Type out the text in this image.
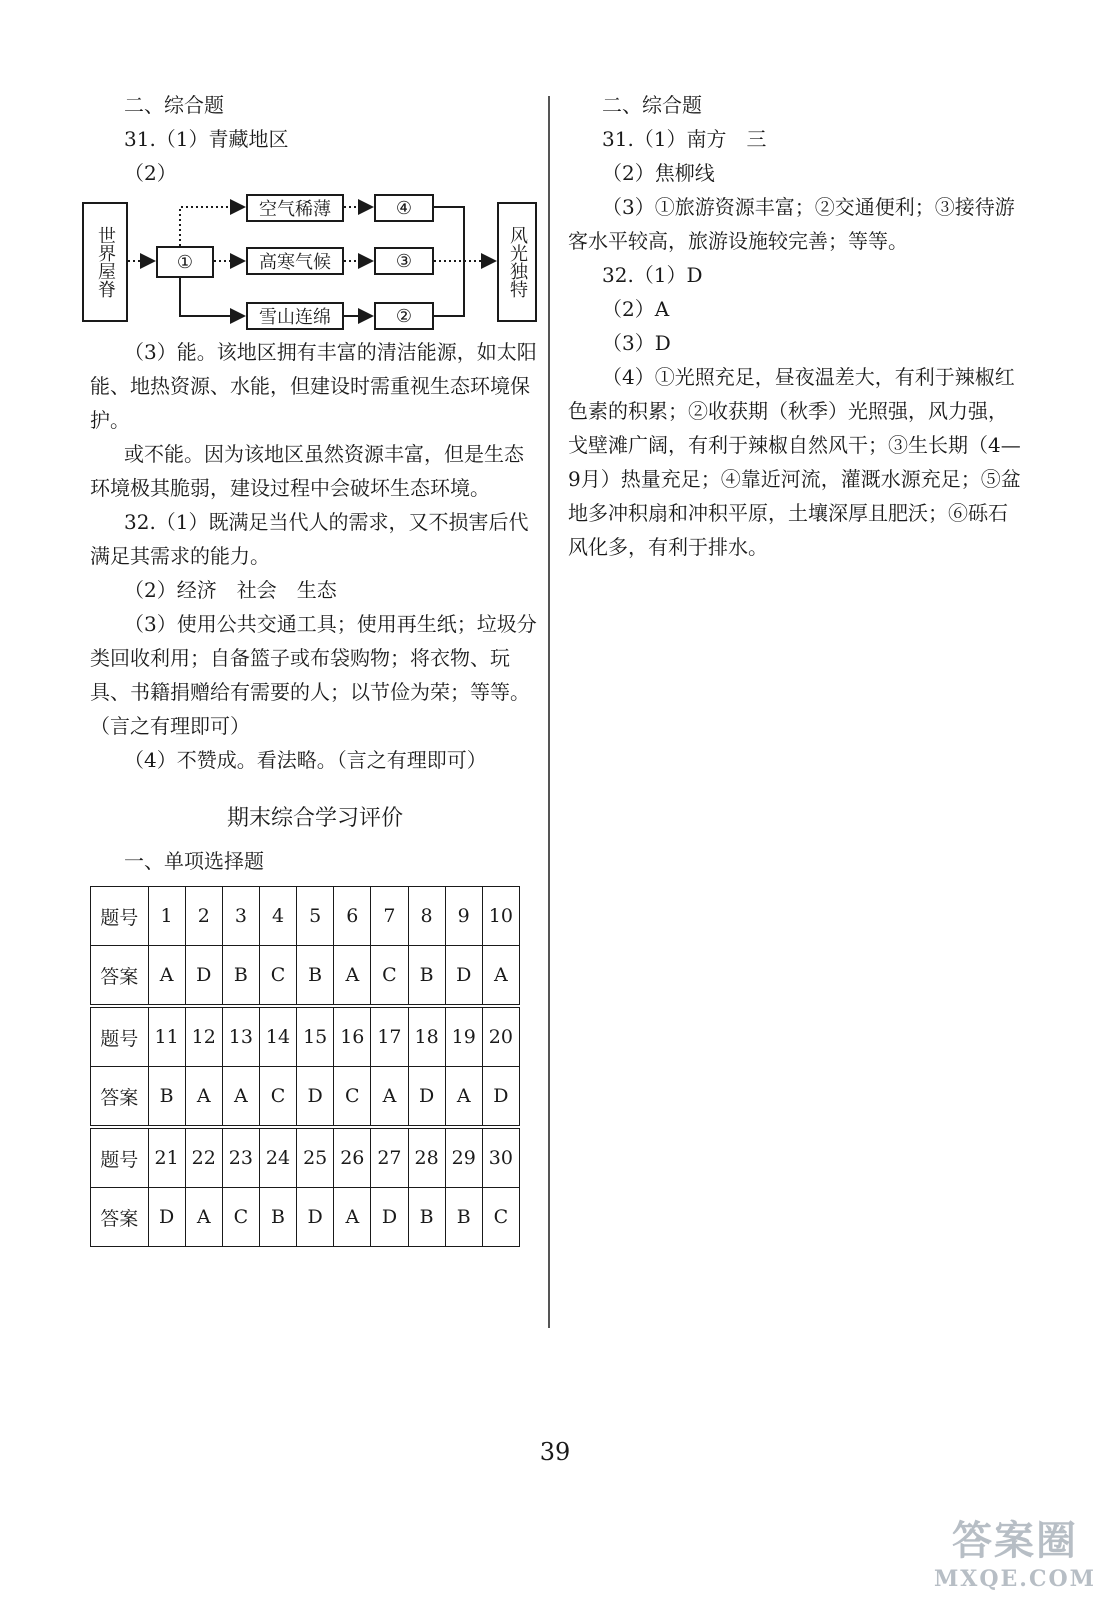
二、综合题

31.（1）青藏地区

（2）

世界屋脊	①
空气稀薄	④
高寒气候	③
雪山连绵	②
风光独特

（3）能。该地区拥有丰富的清洁能源，如太阳能、地热资源、水能，但建设时需重视生态环境保护。

或不能。因为该地区虽然资源丰富，但是生态环境极其脆弱，建设过程中会破坏生态环境。

32.（1）既满足当代人的需求，又不损害后代满足其需求的能力。

（2）经济　社会　生态

（3）使用公共交通工具；使用再生纸；垃圾分类回收利用；自备篮子或布袋购物；将衣物、玩具、书籍捐赠给有需要的人；以节俭为荣；等等。（言之有理即可）

（4）不赞成。看法略。（言之有理即可）

期末综合学习评价

一、单项选择题

题号	1	2	3	4	5	6	7	8	9	10
答案	A	D	B	C	B	A	C	B	D	A
题号	11	12	13	14	15	16	17	18	19	20
答案	B	A	A	C	D	C	A	D	A	D
题号	21	22	23	24	25	26	27	28	29	30
答案	D	A	C	B	D	A	D	B	B	C

二、综合题

31.（1）南方　三

（2）焦柳线

（3）①旅游资源丰富；②交通便利；③接待游客水平较高，旅游设施较完善；等等。

32.（1）D

（2）A

（3）D

（4）①光照充足，昼夜温差大，有利于辣椒红色素的积累；②收获期（秋季）光照强，风力强，戈壁滩广阔，有利于辣椒自然风干；③生长期（4—9月）热量充足；④靠近河流，灌溉水源充足；⑤盆地多冲积扇和冲积平原，土壤深厚且肥沃；⑥砾石风化多，有利于排水。

39
答案圈
MXQE.COM
